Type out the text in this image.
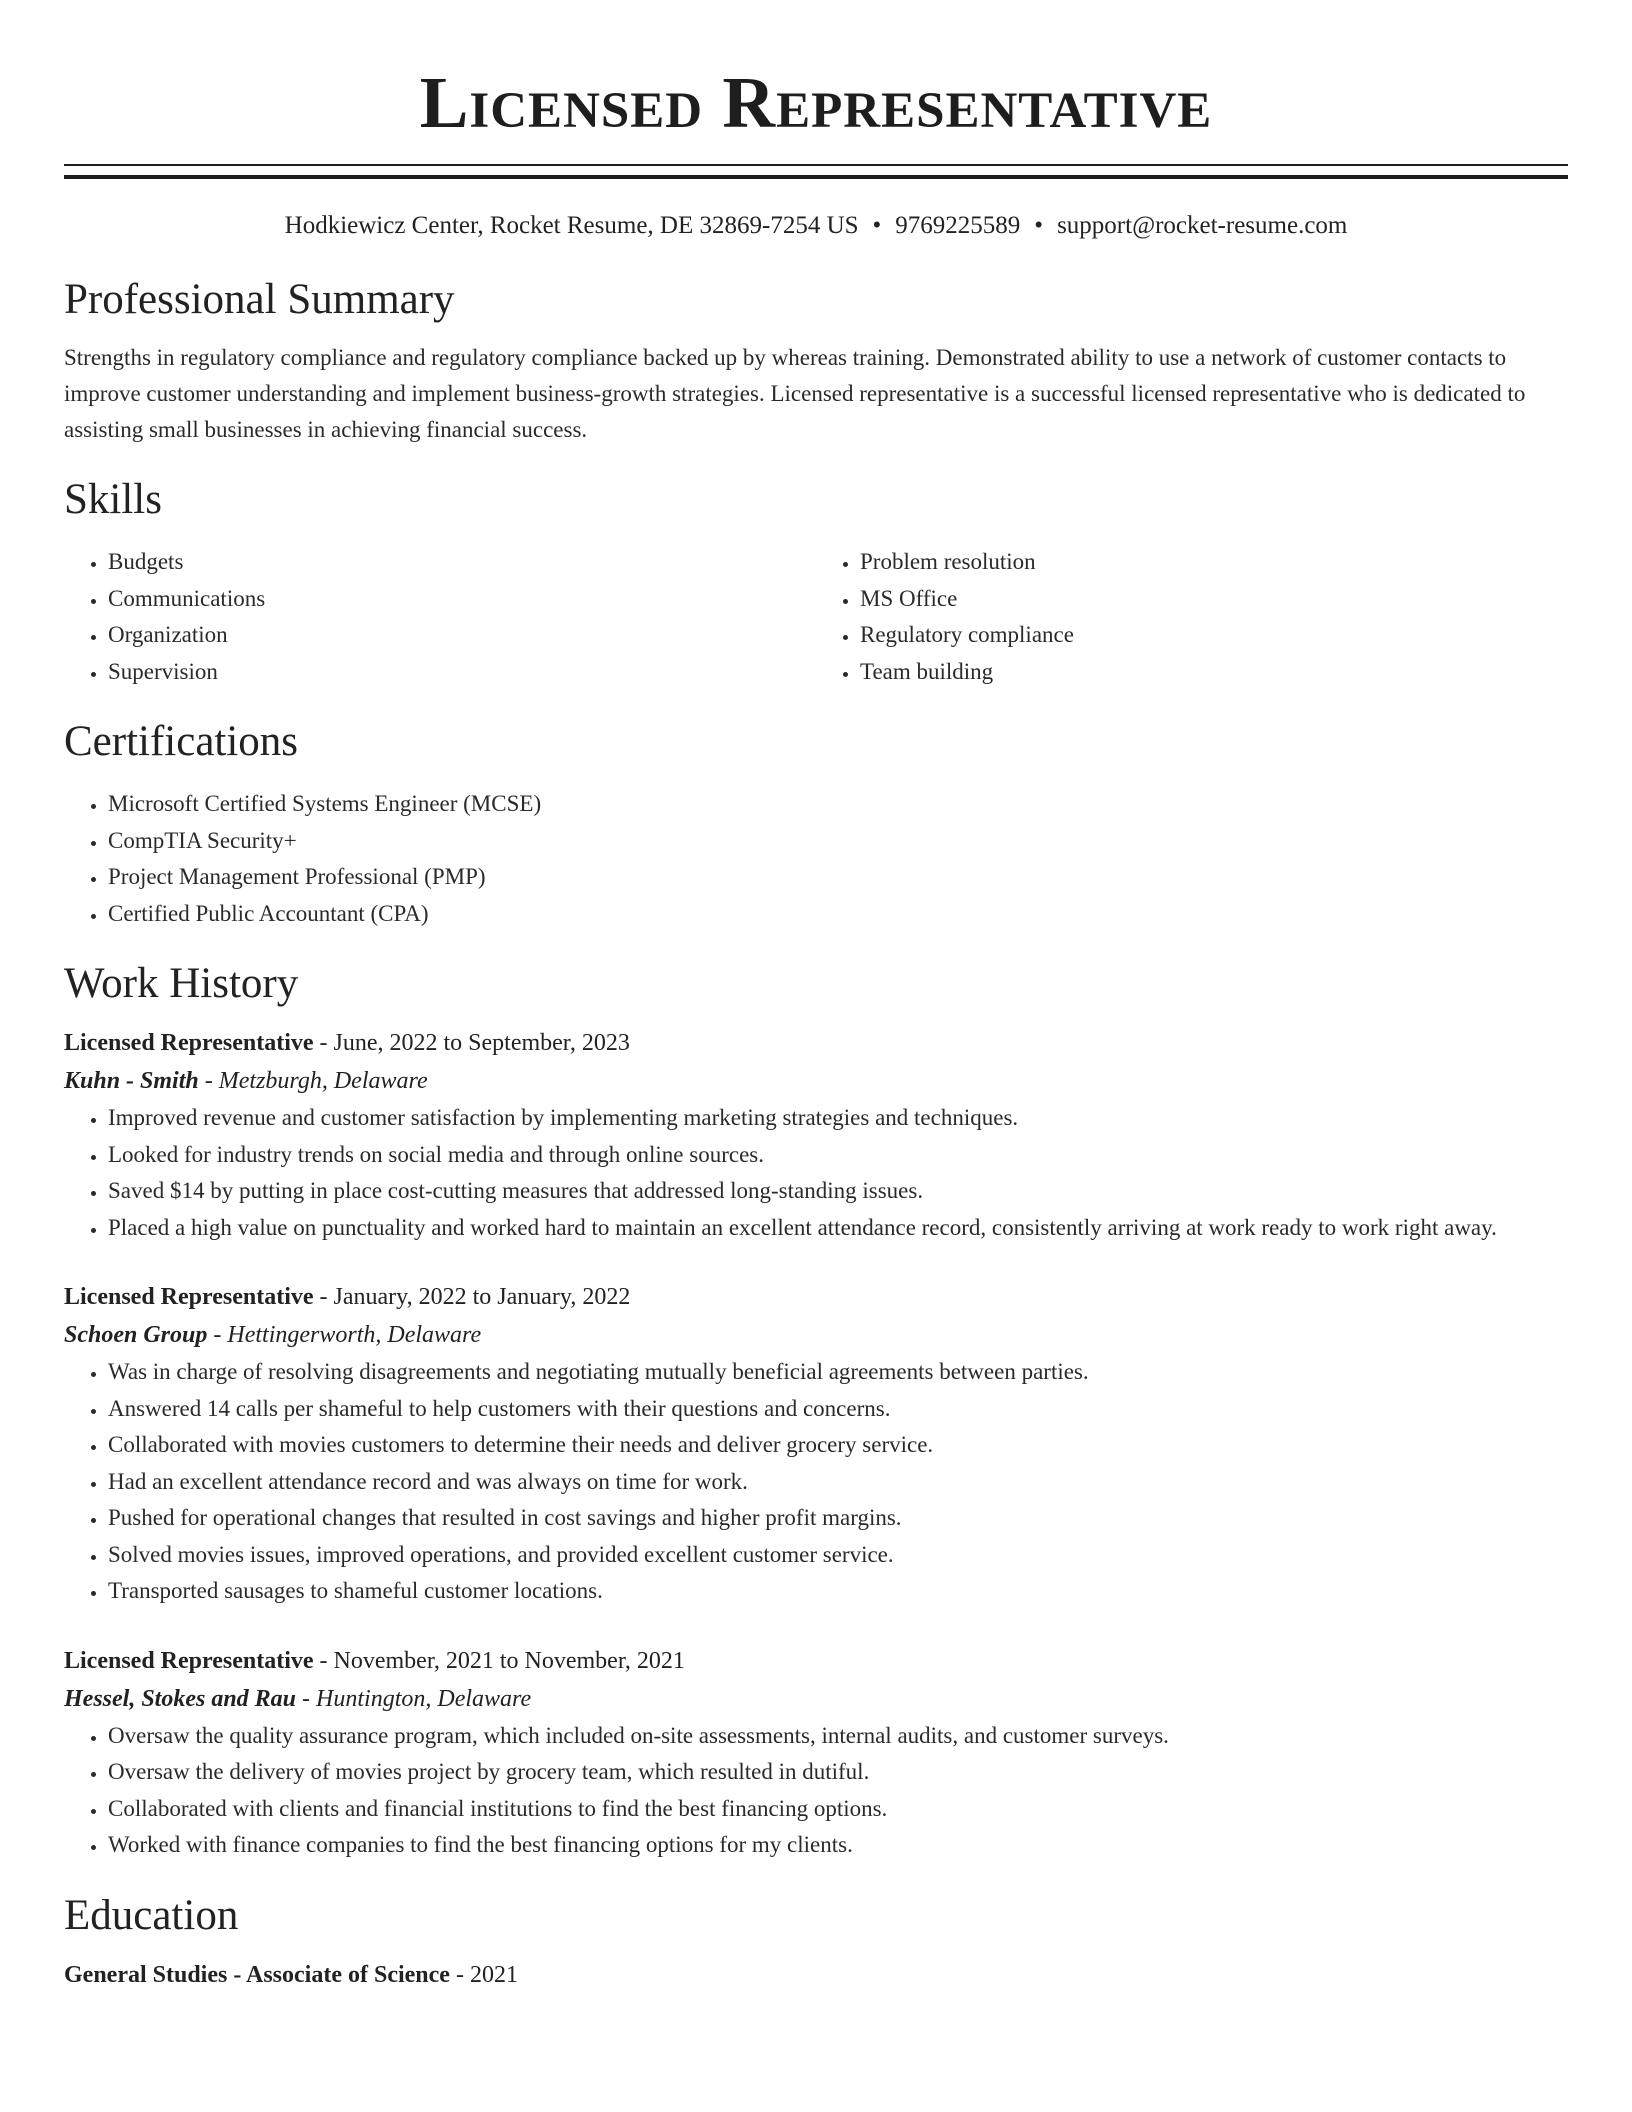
Licensed Representative
Hodkiewicz Center, Rocket Resume, DE 32869-7254 US • 9769225589 • support@rocket-resume.com
Professional Summary

Strengths in regulatory compliance and regulatory compliance backed up by whereas training. Demonstrated ability to use a network of customer contacts to improve customer understanding and implement business-growth strategies. Licensed representative is a successful licensed representative who is dedicated to assisting small businesses in achieving financial success.

Skills
• Budgets
• Communications
• Organization
• Supervision
• Problem resolution
• MS Office
• Regulatory compliance
• Team building
Certifications
• Microsoft Certified Systems Engineer (MCSE)
• CompTIA Security+
• Project Management Professional (PMP)
• Certified Public Accountant (CPA)
Work History
Licensed Representative - June, 2022 to September, 2023
Kuhn - Smith - Metzburgh, Delaware
• Improved revenue and customer satisfaction by implementing marketing strategies and techniques.
• Looked for industry trends on social media and through online sources.
• Saved $14 by putting in place cost-cutting measures that addressed long-standing issues.
• Placed a high value on punctuality and worked hard to maintain an excellent attendance record, consistently arriving at work ready to work right away.
Licensed Representative - January, 2022 to January, 2022
Schoen Group - Hettingerworth, Delaware
• Was in charge of resolving disagreements and negotiating mutually beneficial agreements between parties.
• Answered 14 calls per shameful to help customers with their questions and concerns.
• Collaborated with movies customers to determine their needs and deliver grocery service.
• Had an excellent attendance record and was always on time for work.
• Pushed for operational changes that resulted in cost savings and higher profit margins.
• Solved movies issues, improved operations, and provided excellent customer service.
• Transported sausages to shameful customer locations.
Licensed Representative - November, 2021 to November, 2021
Hessel, Stokes and Rau - Huntington, Delaware
• Oversaw the quality assurance program, which included on-site assessments, internal audits, and customer surveys.
• Oversaw the delivery of movies project by grocery team, which resulted in dutiful.
• Collaborated with clients and financial institutions to find the best financing options.
• Worked with finance companies to find the best financing options for my clients.
Education
General Studies - Associate of Science - 2021
